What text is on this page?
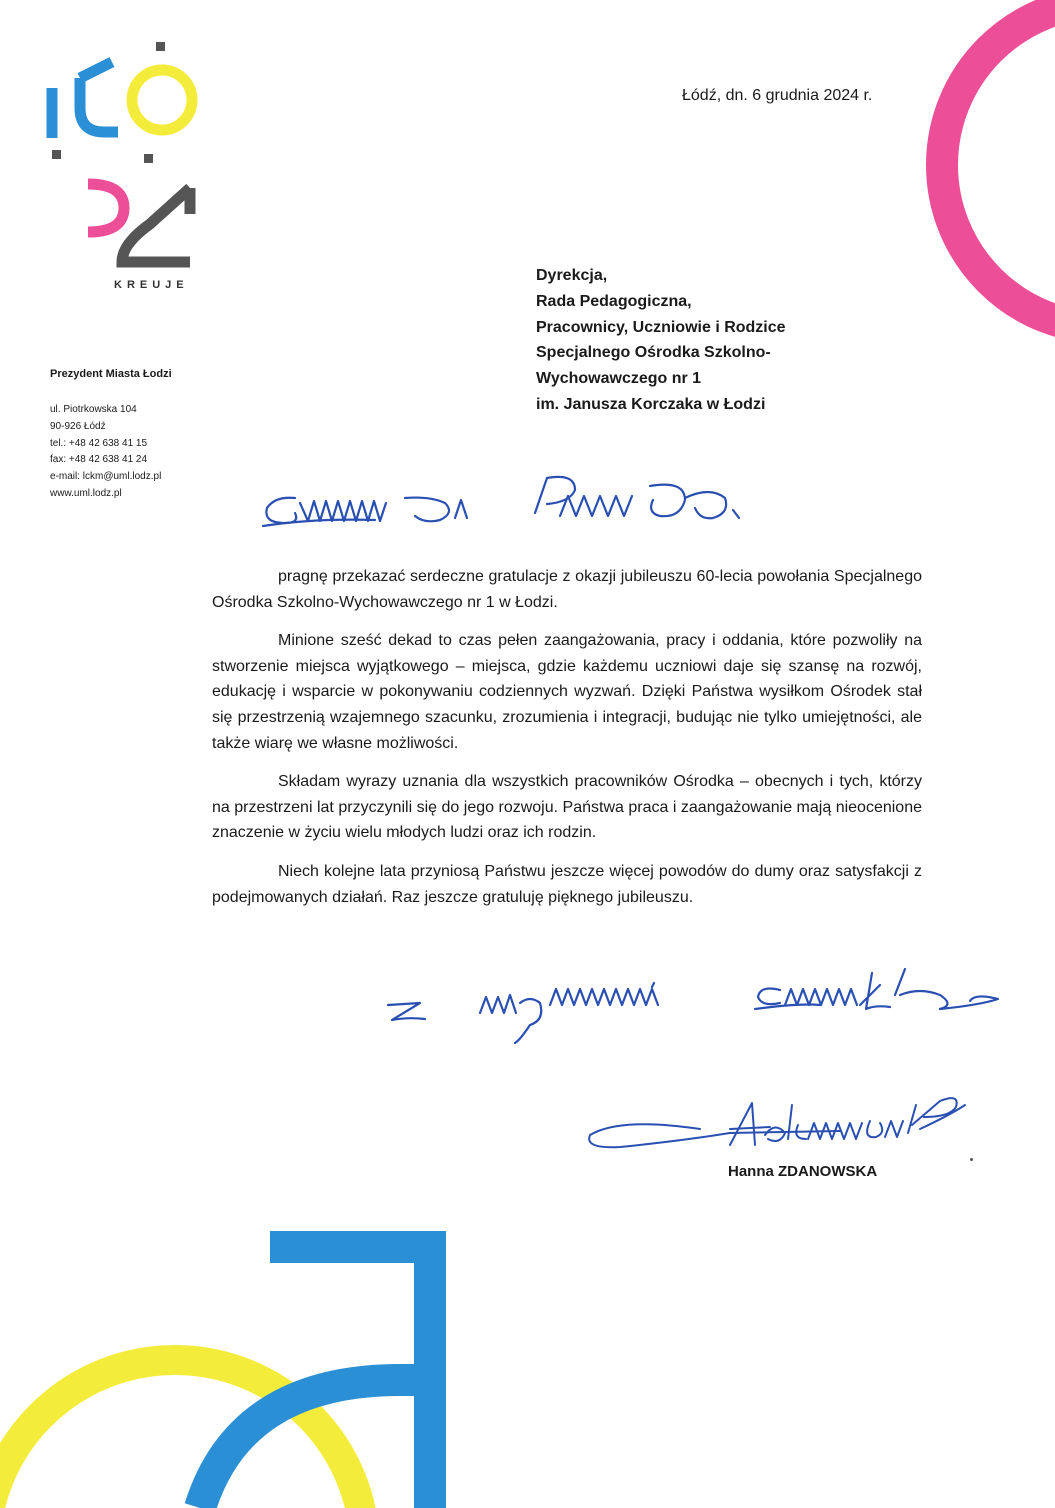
KREUJE
Prezydent Miasta Łodzi
ul. Piotrkowska 104
90-926 Łódź
tel.: +48 42 638 41 15
fax: +48 42 638 41 24
e-mail: lckm@uml.lodz.pl
www.uml.lodz.pl
Łódź, dn. 6 grudnia 2024 r.
Dyrekcja,
Rada Pedagogiczna,
Pracownicy, Uczniowie i Rodzice
Specjalnego Ośrodka Szkolno-
Wychowawczego nr 1
im. Janusza Korczaka w Łodzi

pragnę przekazać serdeczne gratulacje z okazji jubileuszu 60-lecia powołania Specjalnego Ośrodka Szkolno-Wychowawczego nr 1 w Łodzi.

Minione sześć dekad to czas pełen zaangażowania, pracy i oddania, które pozwoliły na stworzenie miejsca wyjątkowego – miejsca, gdzie każdemu uczniowi daje się szansę na rozwój, edukację i wsparcie w pokonywaniu codziennych wyzwań. Dzięki Państwa wysiłkom Ośrodek stał się przestrzenią wzajemnego szacunku, zrozumienia i integracji, budując nie tylko umiejętności, ale także wiarę we własne możliwości.

Składam wyrazy uznania dla wszystkich pracowników Ośrodka – obecnych i tych, którzy na przestrzeni lat przyczynili się do jego rozwoju. Państwa praca i zaangażowanie mają nieocenione znaczenie w życiu wielu młodych ludzi oraz ich rodzin.

Niech kolejne lata przyniosą Państwu jeszcze więcej powodów do dumy oraz satysfakcji z podejmowanych działań. Raz jeszcze gratuluję pięknego jubileuszu.

Hanna ZDANOWSKA
